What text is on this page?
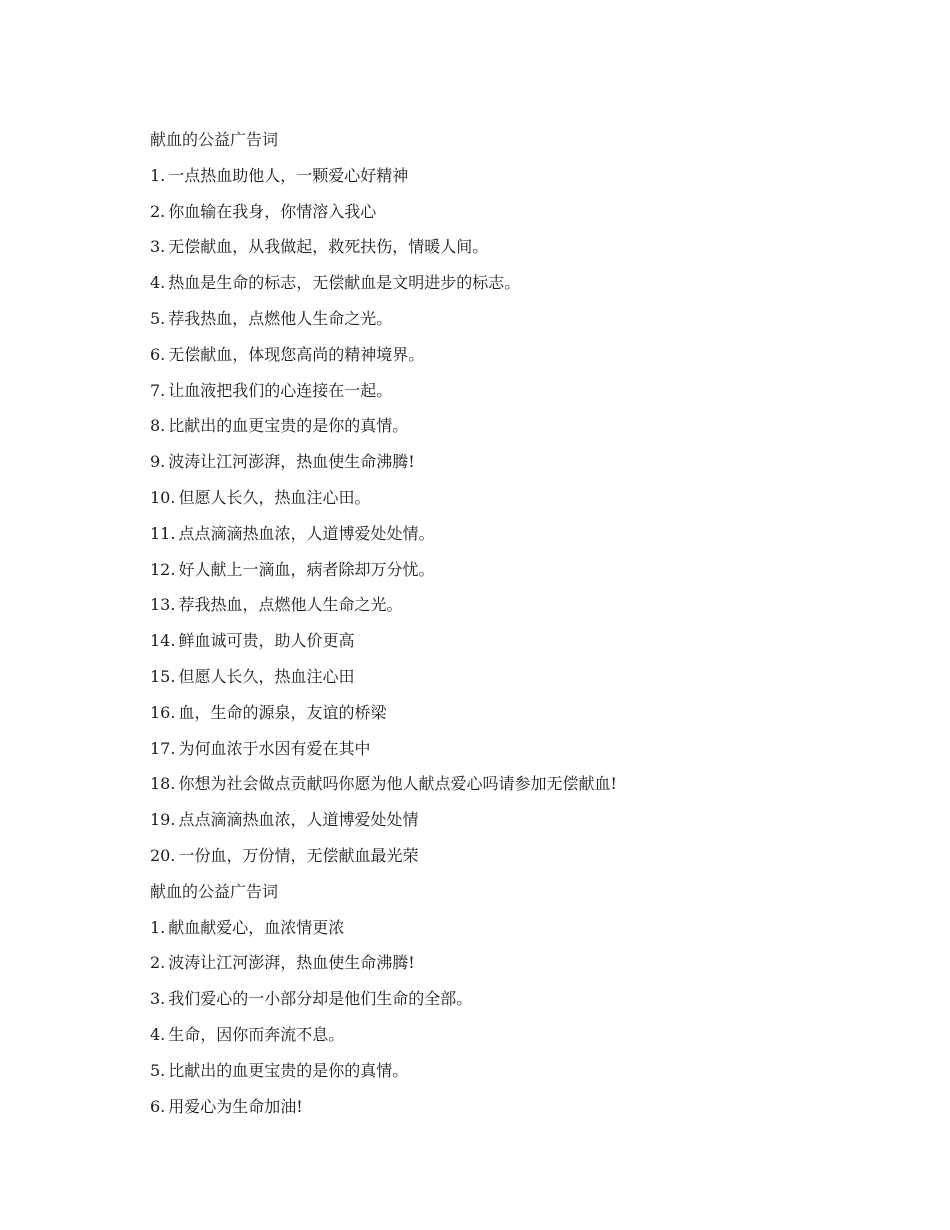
献血的公益广告词
1. 一点热血助他人，一颗爱心好精神
2. 你血输在我身，你情溶入我心
3. 无偿献血，从我做起，救死扶伤，情暖人间。
4. 热血是生命的标志，无偿献血是文明进步的标志。
5. 荐我热血，点燃他人生命之光。
6. 无偿献血，体现您高尚的精神境界。
7. 让血液把我们的心连接在一起。
8. 比献出的血更宝贵的是你的真情。
9. 波涛让江河澎湃，热血使生命沸腾!
10. 但愿人长久，热血注心田。
11. 点点滴滴热血浓，人道博爱处处情。
12. 好人献上一滴血，病者除却万分忧。
13. 荐我热血，点燃他人生命之光。
14. 鲜血诚可贵，助人价更高
15. 但愿人长久，热血注心田
16. 血，生命的源泉，友谊的桥梁
17. 为何血浓于水因有爱在其中
18. 你想为社会做点贡献吗你愿为他人献点爱心吗请参加无偿献血!
19. 点点滴滴热血浓，人道博爱处处情
20. 一份血，万份情，无偿献血最光荣
献血的公益广告词
1. 献血献爱心，血浓情更浓
2. 波涛让江河澎湃，热血使生命沸腾!
3. 我们爱心的一小部分却是他们生命的全部。
4. 生命，因你而奔流不息。
5. 比献出的血更宝贵的是你的真情。
6. 用爱心为生命加油!
